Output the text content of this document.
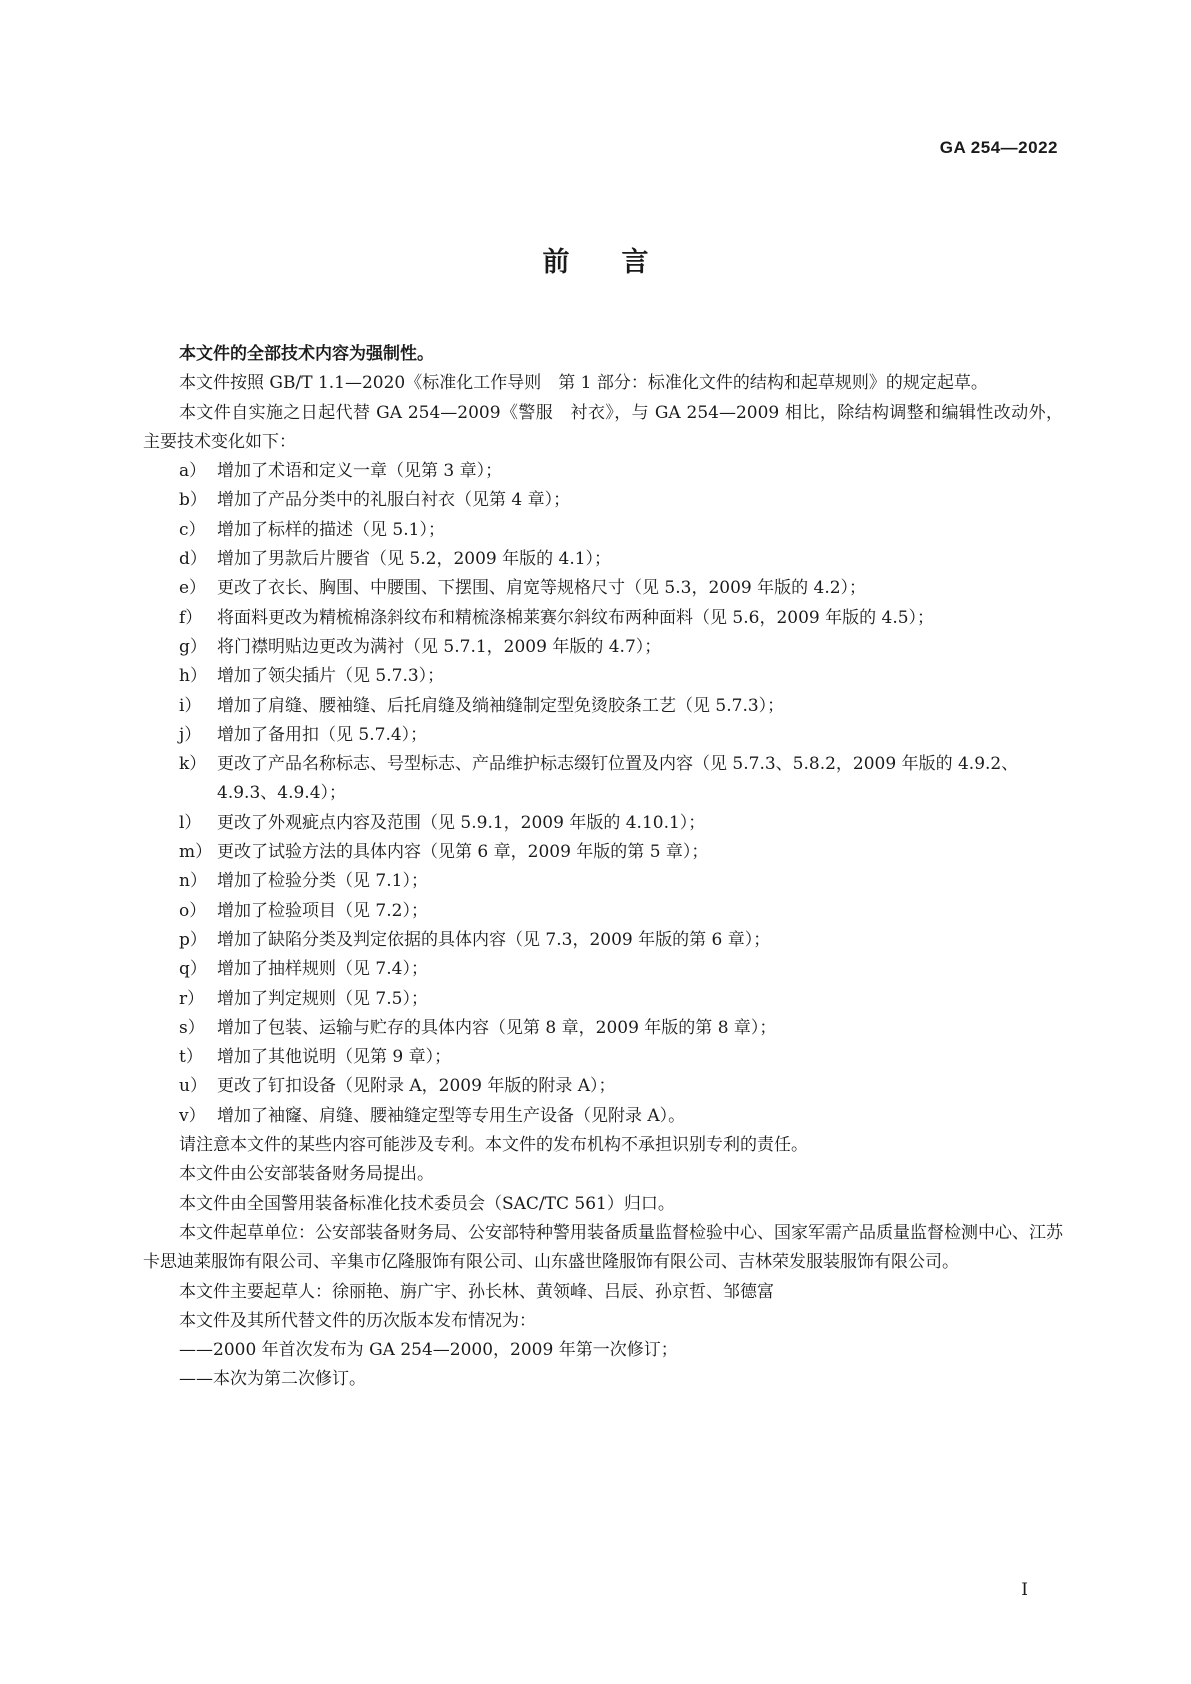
GA 254—2022
前言

本文件的全部技术内容为强制性。

本文件按照 GB/T 1.1—2020《标准化工作导则　第 1 部分：标准化文件的结构和起草规则》的规定起草。

本文件自实施之日起代替 GA 254—2009《警服　衬衣》，与 GA 254—2009 相比，除结构调整和编辑性改动外，主要技术变化如下：

a） 增加了术语和定义一章（见第 3 章）；
b） 增加了产品分类中的礼服白衬衣（见第 4 章）；
c） 增加了标样的描述（见 5.1）；
d） 增加了男款后片腰省（见 5.2，2009 年版的 4.1）；
e） 更改了衣长、胸围、中腰围、下摆围、肩宽等规格尺寸（见 5.3，2009 年版的 4.2）；
f） 将面料更改为精梳棉涤斜纹布和精梳涤棉莱赛尔斜纹布两种面料（见 5.6，2009 年版的 4.5）；
g） 将门襟明贴边更改为满衬（见 5.7.1，2009 年版的 4.7）；
h） 增加了领尖插片（见 5.7.3）；
i） 增加了肩缝、腰袖缝、后托肩缝及绱袖缝制定型免烫胶条工艺（见 5.7.3）；
j） 增加了备用扣（见 5.7.4）；
k） 更改了产品名称标志、号型标志、产品维护标志缀钉位置及内容（见 5.7.3、5.8.2，2009 年版的 4.9.2、4.9.3、4.9.4）；
l） 更改了外观疵点内容及范围（见 5.9.1，2009 年版的 4.10.1）；
m） 更改了试验方法的具体内容（见第 6 章，2009 年版的第 5 章）；
n） 增加了检验分类（见 7.1）；
o） 增加了检验项目（见 7.2）；
p） 增加了缺陷分类及判定依据的具体内容（见 7.3，2009 年版的第 6 章）；
q） 增加了抽样规则（见 7.4）；
r） 增加了判定规则（见 7.5）；
s） 增加了包装、运输与贮存的具体内容（见第 8 章，2009 年版的第 8 章）；
t） 增加了其他说明（见第 9 章）；
u） 更改了钉扣设备（见附录 A，2009 年版的附录 A）；
v） 增加了袖窿、肩缝、腰袖缝定型等专用生产设备（见附录 A）。

请注意本文件的某些内容可能涉及专利。本文件的发布机构不承担识别专利的责任。

本文件由公安部装备财务局提出。

本文件由全国警用装备标准化技术委员会（SAC/TC 561）归口。

本文件起草单位：公安部装备财务局、公安部特种警用装备质量监督检验中心、国家军需产品质量监督检测中心、江苏卡思迪莱服饰有限公司、辛集市亿隆服饰有限公司、山东盛世隆服饰有限公司、吉林荣发服装服饰有限公司。

本文件主要起草人：徐丽艳、旃广宇、孙长林、黄领峰、吕辰、孙京哲、邹德富

本文件及其所代替文件的历次版本发布情况为：

——2000 年首次发布为 GA 254—2000，2009 年第一次修订；

——本次为第二次修订。

I
